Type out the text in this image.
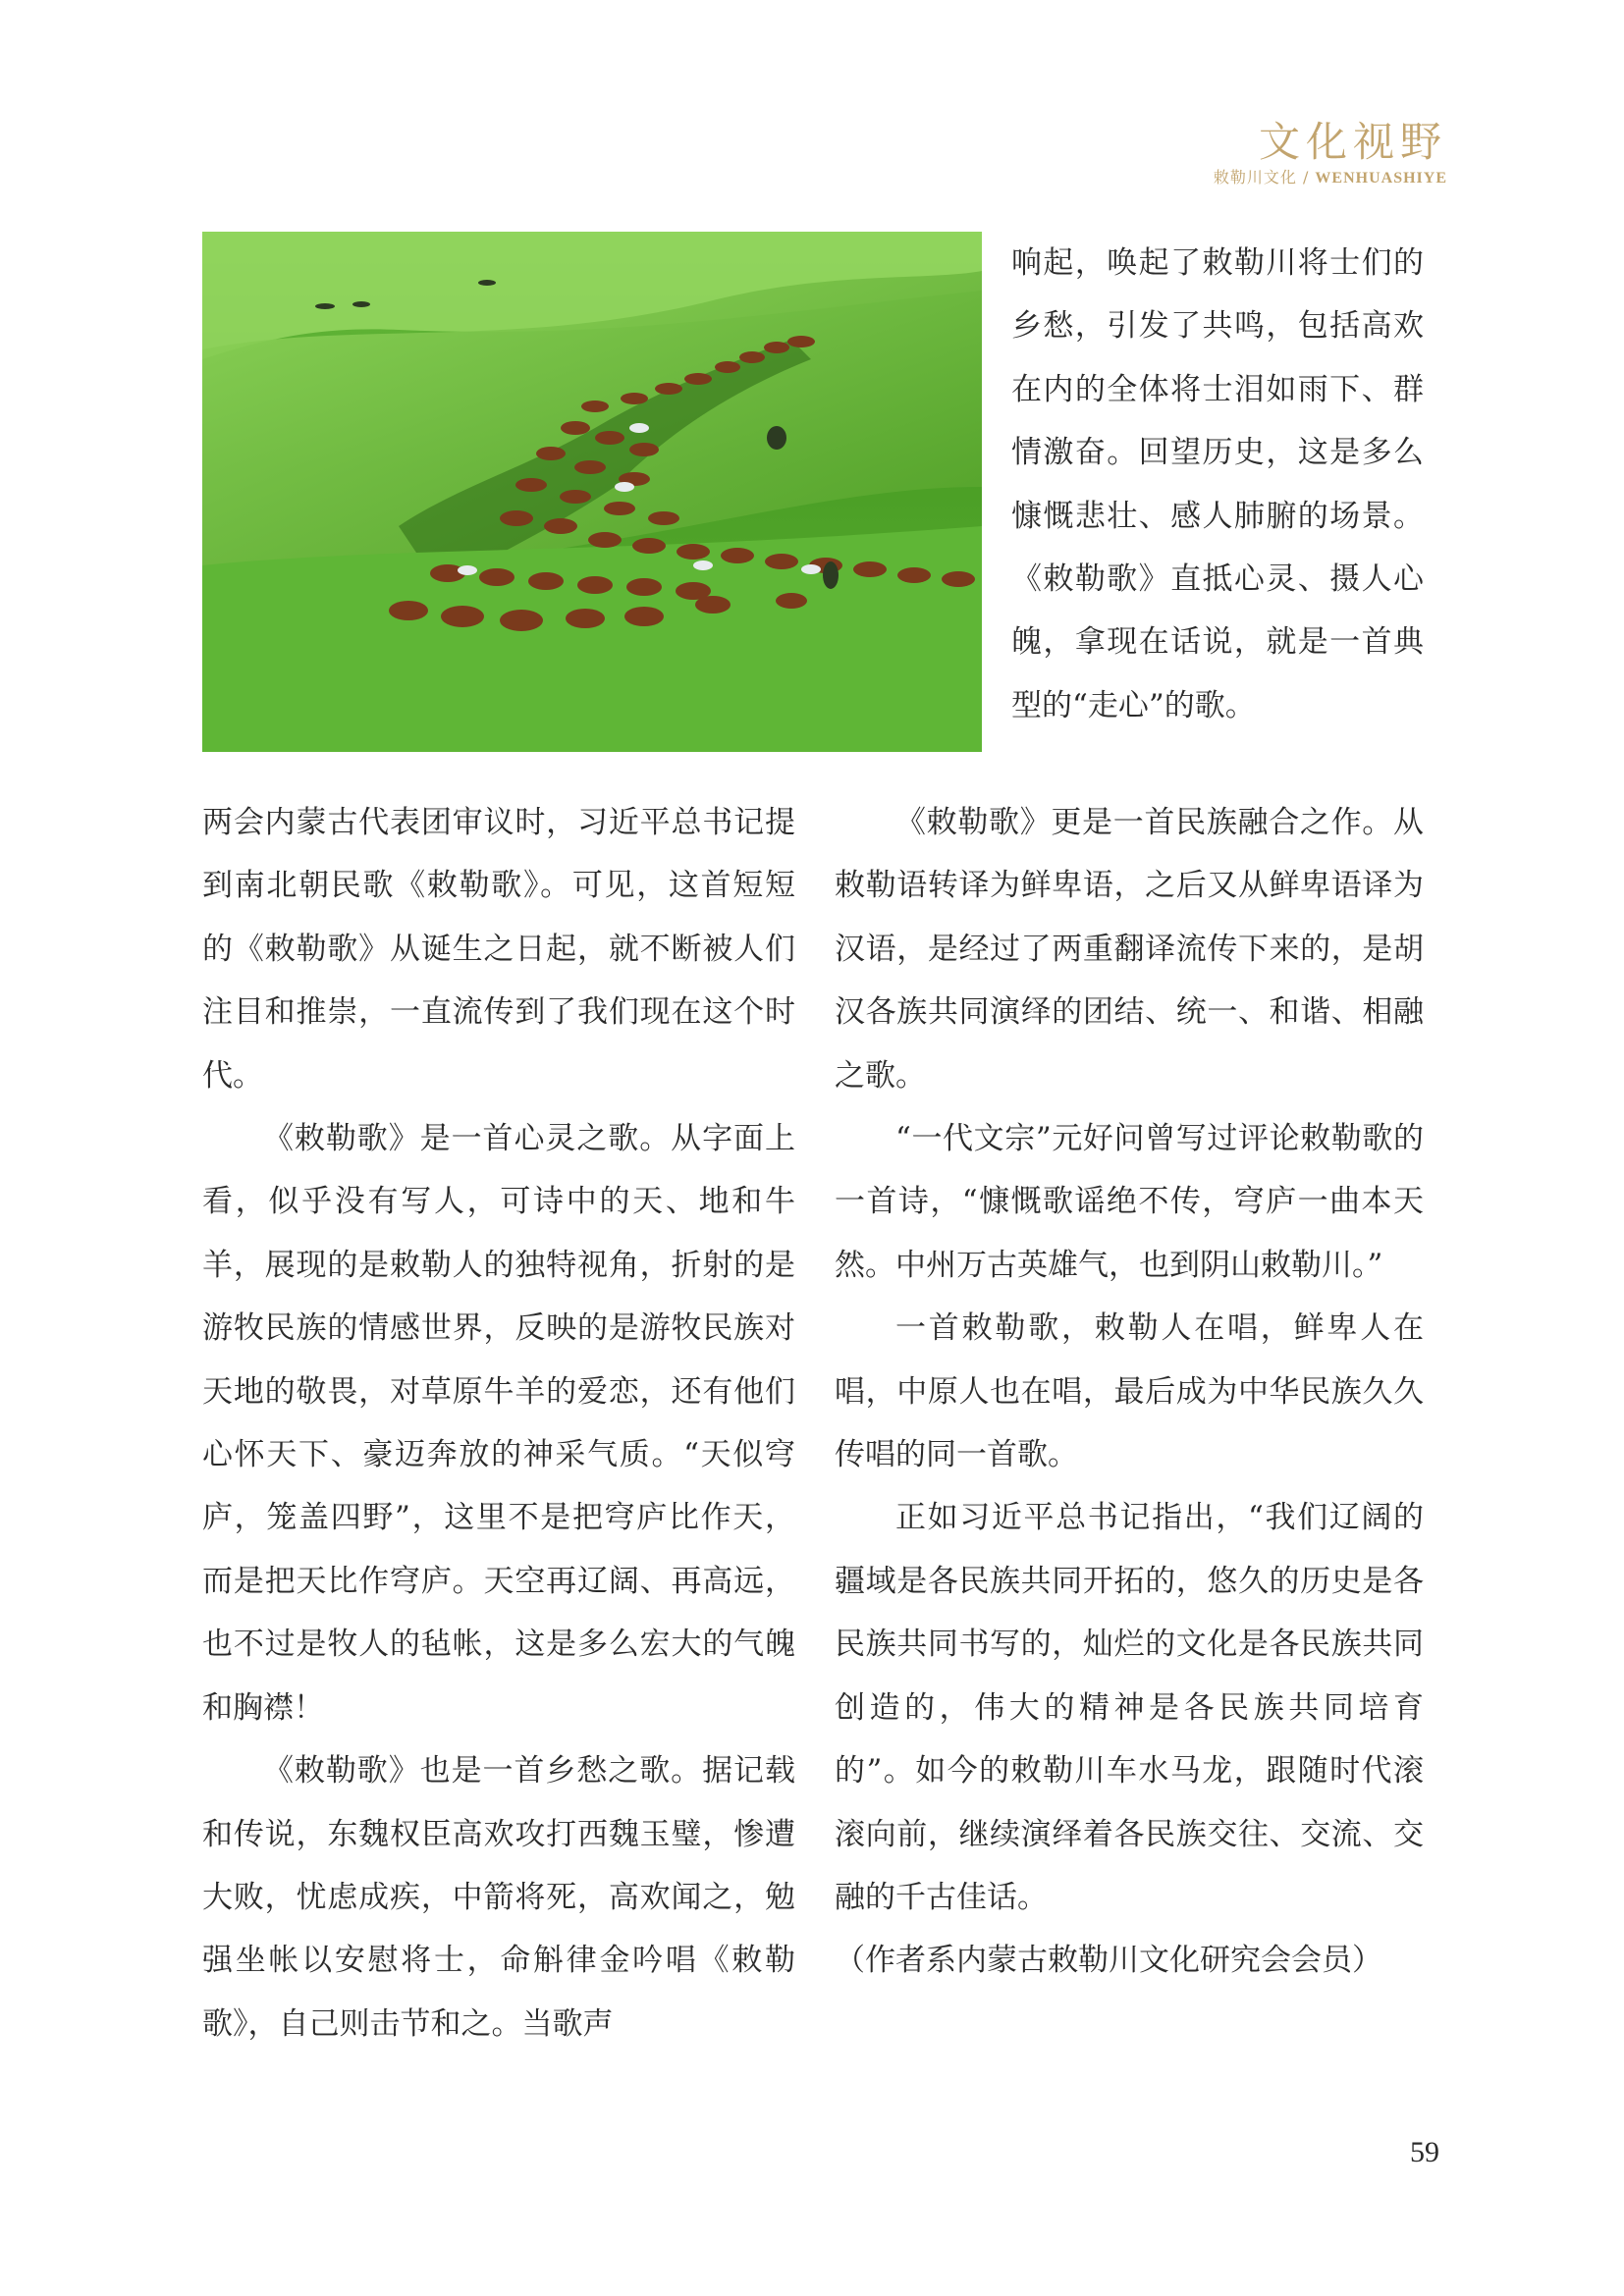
文化视野
敕勒川文化 / WENHUASHIYE

响起，唤起了敕勒川将士们的乡愁，引发了共鸣，包括高欢在内的全体将士泪如雨下、群情激奋。回望历史，这是多么慷慨悲壮、感人肺腑的场景。《敕勒歌》直抵心灵、摄人心魄，拿现在话说，就是一首典型的“走心”的歌。

两会内蒙古代表团审议时，习近平总书记提到南北朝民歌《敕勒歌》。可见，这首短短的《敕勒歌》从诞生之日起，就不断被人们注目和推崇，一直流传到了我们现在这个时代。

《敕勒歌》是一首心灵之歌。从字面上看，似乎没有写人，可诗中的天、地和牛羊，展现的是敕勒人的独特视角，折射的是游牧民族的情感世界，反映的是游牧民族对天地的敬畏，对草原牛羊的爱恋，还有他们心怀天下、豪迈奔放的神采气质。“天似穹庐，笼盖四野”，这里不是把穹庐比作天，而是把天比作穹庐。天空再辽阔、再高远，也不过是牧人的毡帐，这是多么宏大的气魄和胸襟！

《敕勒歌》也是一首乡愁之歌。据记载和传说，东魏权臣高欢攻打西魏玉璧，惨遭大败，忧虑成疾，中箭将死，高欢闻之，勉强坐帐以安慰将士，命斛律金吟唱《敕勒歌》，自己则击节和之。当歌声

《敕勒歌》更是一首民族融合之作。从敕勒语转译为鲜卑语，之后又从鲜卑语译为汉语，是经过了两重翻译流传下来的，是胡汉各族共同演绎的团结、统一、和谐、相融之歌。

“一代文宗”元好问曾写过评论敕勒歌的一首诗，“慷慨歌谣绝不传，穹庐一曲本天然。中州万古英雄气，也到阴山敕勒川。”

一首敕勒歌，敕勒人在唱，鲜卑人在唱，中原人也在唱，最后成为中华民族久久传唱的同一首歌。

正如习近平总书记指出，“我们辽阔的疆域是各民族共同开拓的，悠久的历史是各民族共同书写的，灿烂的文化是各民族共同创造的，伟大的精神是各民族共同培育的”。如今的敕勒川车水马龙，跟随时代滚滚向前，继续演绎着各民族交往、交流、交融的千古佳话。

（作者系内蒙古敕勒川文化研究会会员）

59
